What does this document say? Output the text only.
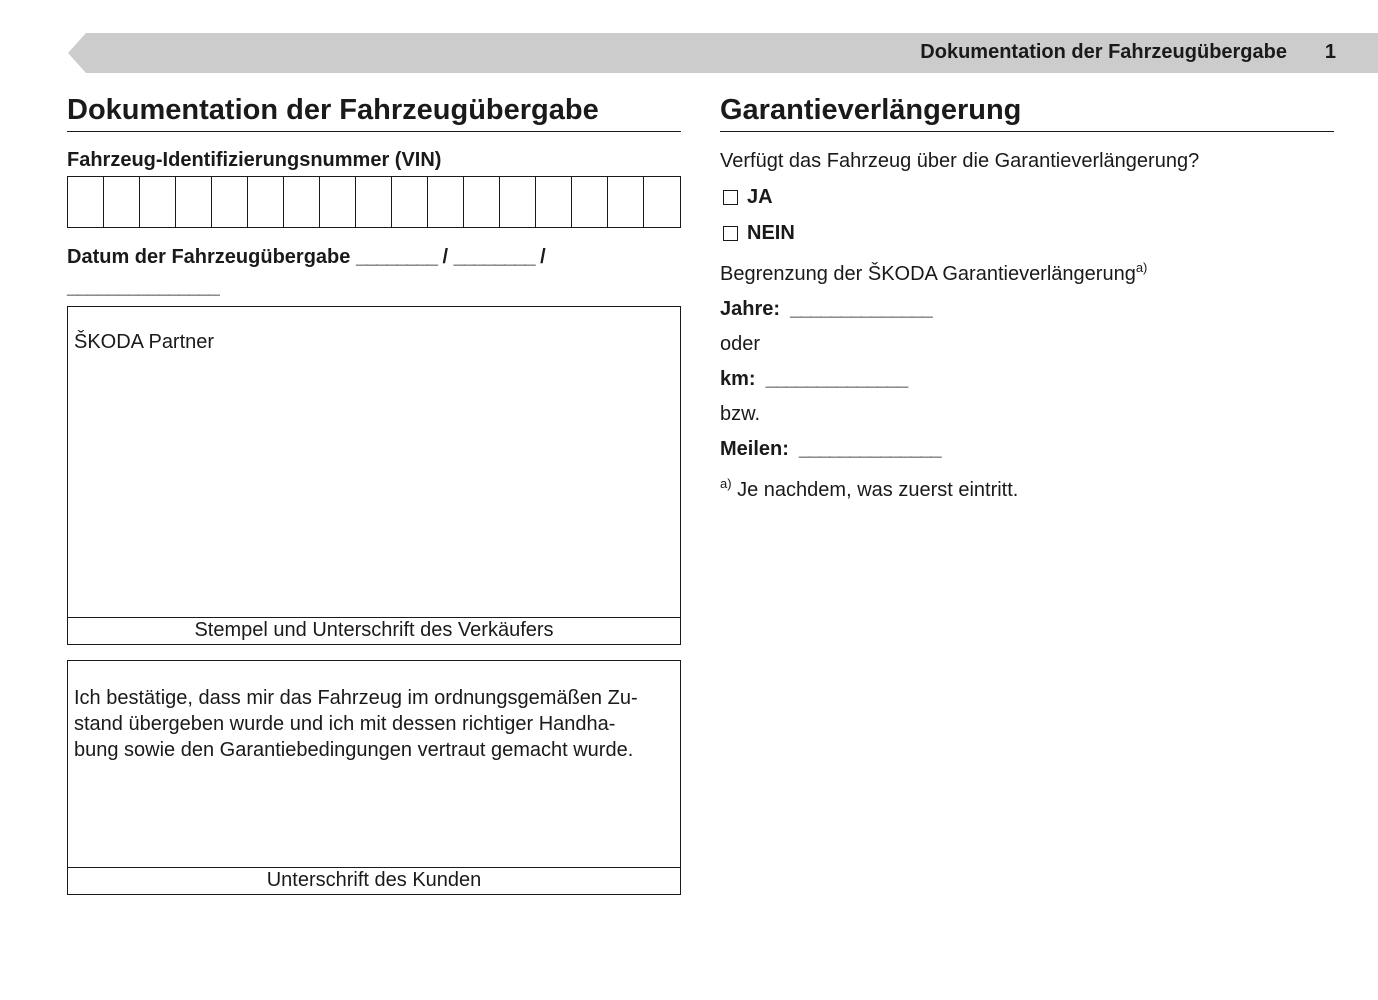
Dokumentation der Fahrzeugübergabe 1
Dokumentation der Fahrzeugübergabe
Fahrzeug-Identifizierungsnummer (VIN)
Datum der Fahrzeugübergabe ________ / ________ /
_______________
ŠKODA Partner
Stempel und Unterschrift des Verkäufers
Ich bestätige, dass mir das Fahrzeug im ordnungsgemäßen Zu-
stand übergeben wurde und ich mit dessen richtiger Handha-
bung sowie den Garantiebedingungen vertraut gemacht wurde.
Unterschrift des Kunden
Garantieverlängerung
Verfügt das Fahrzeug über die Garantieverlängerung?
JA
NEIN
Begrenzung der ŠKODA Garantieverlängerung$^{a)}$
Jahre: ______________
oder
km: ______________
bzw.
Meilen: ______________
$^{a)}$ Je nachdem, was zuerst eintritt.
